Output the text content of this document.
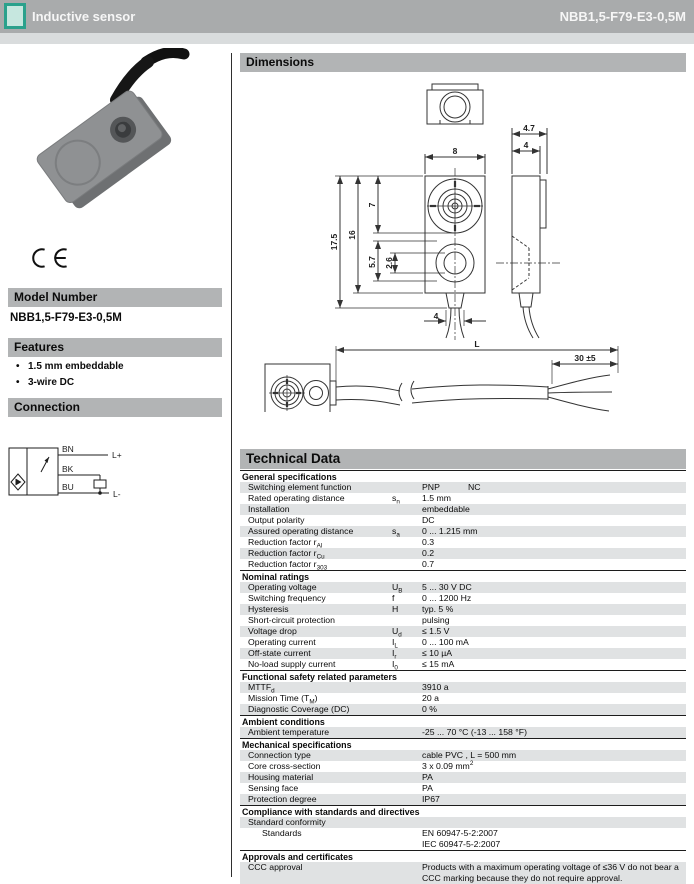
Inductive sensor	NBB1,5-F79-E3-0,5M
Model Number
NBB1,5-F79-E3-0,5M
Features
• 1.5 mm embeddable
• 3-wire DC
Connection
BN
BK
BU
L+
L-
Dimensions
8
4.7
4
17.5 16
7
5.7 2.6
4
L
30 ±5
Technical Data
General specifications
Switching element function	PNP	NC
Rated operating distance	$s_n$	1.5 mm
Installation	embeddable
Output polarity	DC
Assured operating distance	$s_a$	0 ... 1.215 mm
Reduction factor $r_{Al}$	0.3
Reduction factor $r_{Cu}$	0.2
Reduction factor $r_{303}$	0.7
Nominal ratings
Operating voltage	$U_B$	5 ... 30 V DC
Switching frequency	f	0 ... 1200 Hz
Hysteresis	H	typ. 5 %
Short-circuit protection	pulsing
Voltage drop	$U_d$	≤ 1.5 V
Operating current	$I_L$	0 ... 100 mA
Off-state current	$I_r$	≤ 10 µA
No-load supply current	$I_0$	≤ 15 mA
Functional safety related parameters
$MTTF_d$	3910 a
Mission Time $(T_M)$	20 a
Diagnostic Coverage (DC)	0 %
Ambient conditions
Ambient temperature	-25 ... 70 °C (-13 ... 158 °F)
Mechanical specifications
Connection type	cable PVC , L = 500 mm
Core cross-section	3 x 0.09 $mm^2$
Housing material	PA
Sensing face	PA
Protection degree	IP67
Compliance with standards and directives
Standard conformity
Standards	EN 60947-5-2:2007
IEC 60947-5-2:2007
Approvals and certificates
CCC approval	Products with a maximum operating voltage of ≤36 V do not bear a CCC marking because they do not require approval.
